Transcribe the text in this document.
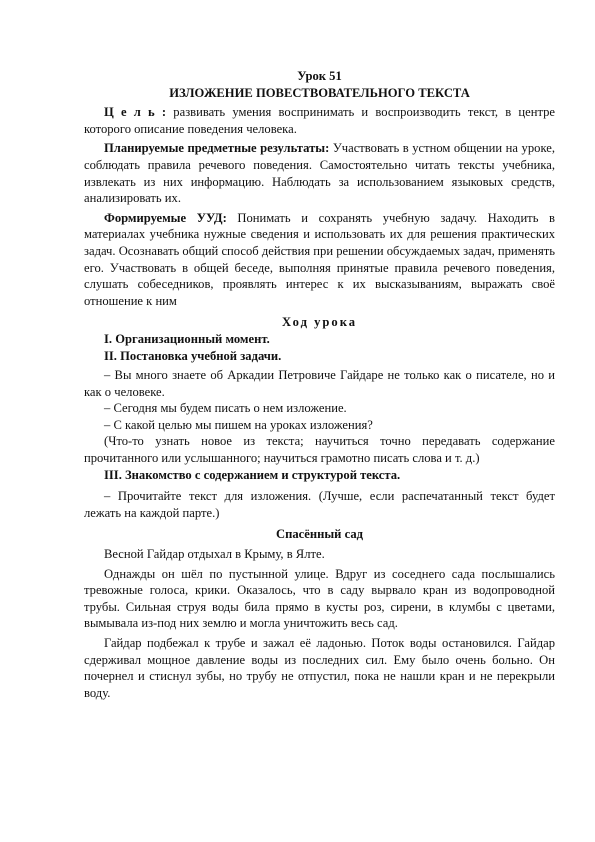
Урок 51
ИЗЛОЖЕНИЕ ПОВЕСТВОВАТЕЛЬНОГО ТЕКСТА

Ц е л ь : развивать умения воспринимать и воспроизводить текст, в центре которого описание поведения человека.

Планируемые предметные результаты: Участвовать в устном общении на уроке, соблюдать правила речевого поведения. Самостоятельно читать тексты учебника, извлекать из них информацию. Наблюдать за использованием языковых средств, анализировать их.

Формируемые УУД: Понимать и сохранять учебную задачу. Находить в материалах учебника нужные сведения и использовать их для решения практических задач. Осознавать общий способ действия при решении обсуждаемых задач, применять его. Участвовать в общей беседе, выполняя принятые правила речевого поведения, слушать собеседников, проявлять интерес к их высказываниям, выражать своё отношение к ним

Ход урока

I. Организационный момент.

II. Постановка учебной задачи.

– Вы много знаете об Аркадии Петровиче Гайдаре не только как о писателе, но и как о человеке.

– Сегодня мы будем писать о нем изложение.

– С какой целью мы пишем на уроках изложения?

(Что-то узнать новое из текста; научиться точно передавать содержание прочитанного или услышанного; научиться грамотно писать слова и т. д.)

III. Знакомство с содержанием и структурой текста.

– Прочитайте текст для изложения. (Лучше, если распечатанный текст будет лежать на каждой парте.)

Спасённый сад

Весной Гайдар отдыхал в Крыму, в Ялте.

Однажды он шёл по пустынной улице. Вдруг из соседнего сада послышались тревожные голоса, крики. Оказалось, что в саду вырвало кран из водопроводной трубы. Сильная струя воды била прямо в кусты роз, сирени, в клумбы с цветами, вымывала из-под них землю и могла уничтожить весь сад.

Гайдар подбежал к трубе и зажал её ладонью. Поток воды остановился. Гайдар сдерживал мощное давление воды из последних сил. Ему было очень больно. Он почернел и стиснул зубы, но трубу не отпустил, пока не нашли кран и не перекрыли воду.
